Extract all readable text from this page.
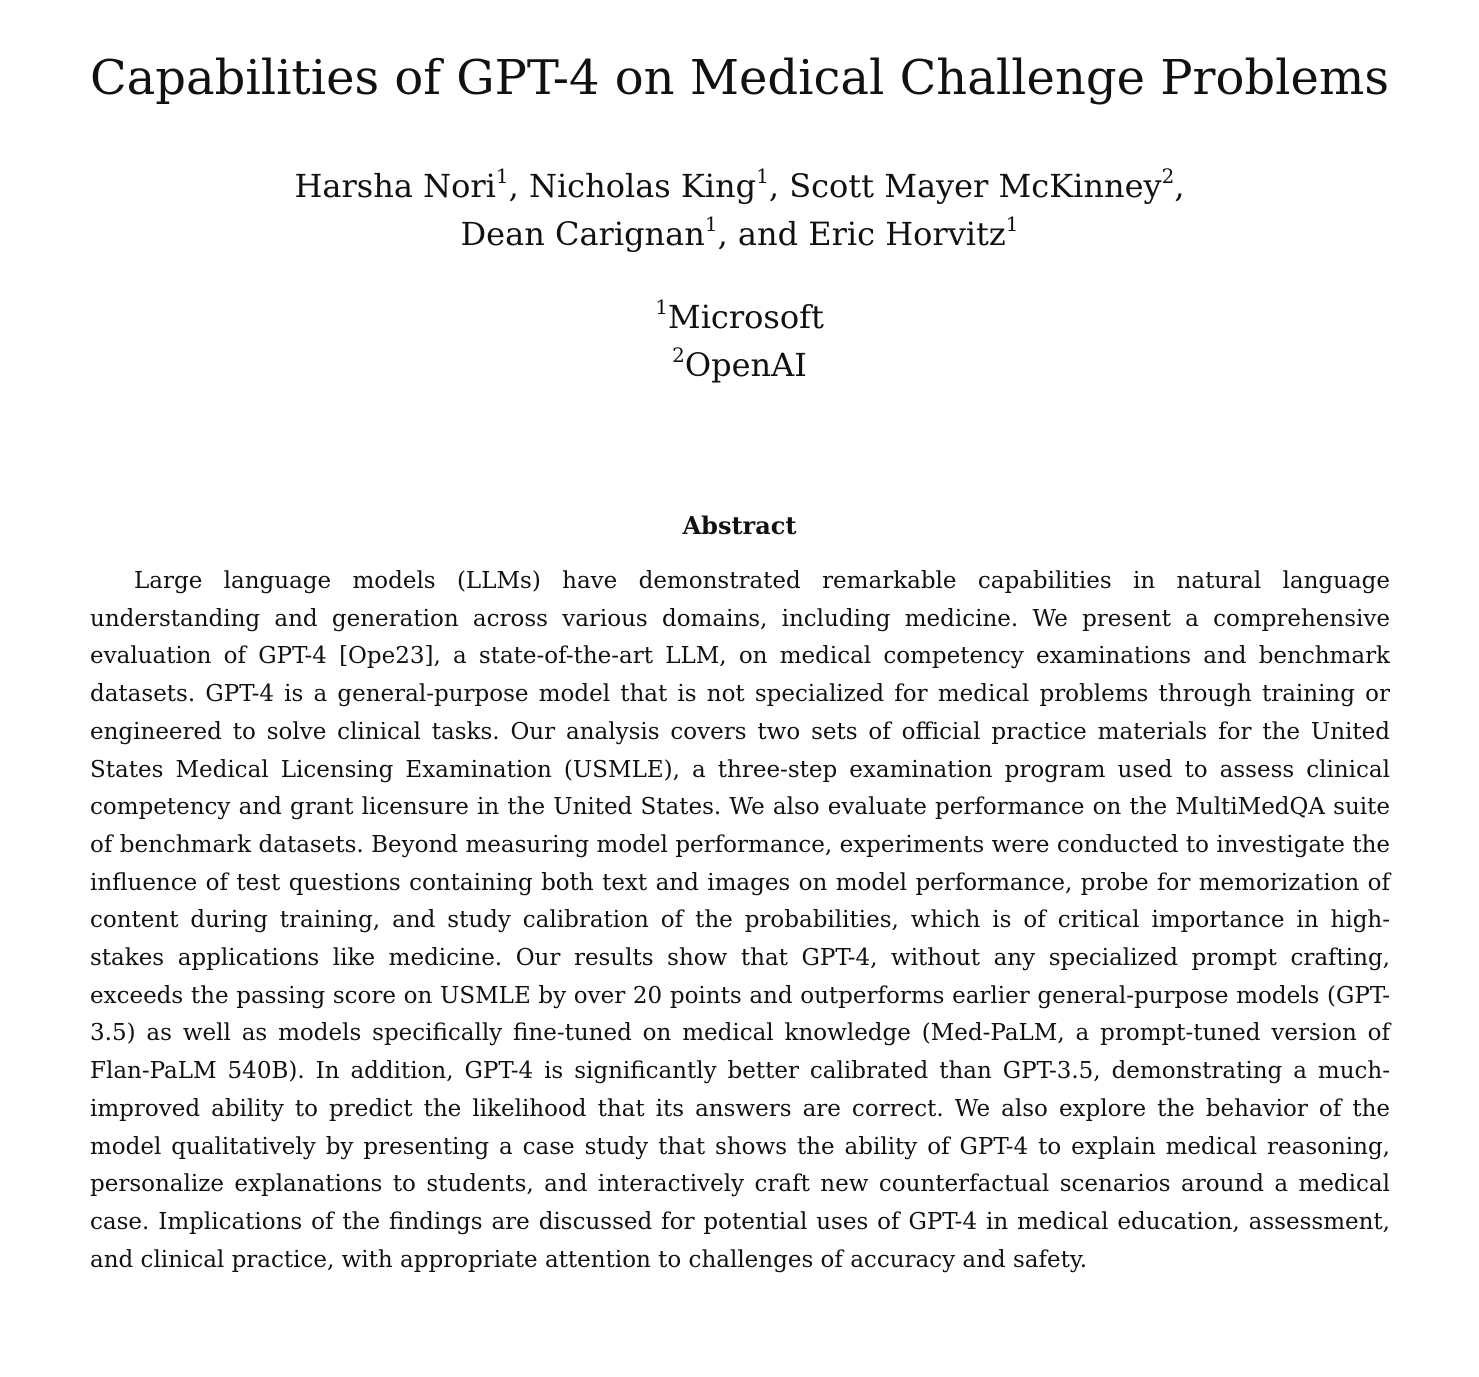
Capabilities of GPT-4 on Medical Challenge Problems
Harsha Nori$^1$, Nicholas King$^1$, Scott Mayer McKinney$^2$,
Dean Carignan$^1$, and Eric Horvitz$^1$
$^1$Microsoft
$^2$OpenAI
Abstract

Large language models (LLMs) have demonstrated remarkable capabilities in natural language understanding and generation across various domains, including medicine. We present a comprehensive evaluation of GPT-4 [Ope23], a state-of-the-art LLM, on medical competency examinations and benchmark datasets. GPT-4 is a general-purpose model that is not specialized for medical problems through training or engineered to solve clinical tasks. Our analysis covers two sets of official practice materials for the United States Medical Licensing Examination (USMLE), a three-step examination program used to assess clinical competency and grant licensure in the United States. We also evaluate performance on the MultiMedQA suite of benchmark datasets. Beyond measuring model performance, experiments were conducted to investigate the influence of test questions containing both text and images on model performance, probe for memorization of content during training, and study calibration of the probabilities, which is of critical importance in high-stakes applications like medicine. Our results show that GPT-4, without any specialized prompt crafting, exceeds the passing score on USMLE by over 20 points and outperforms earlier general-purpose models (GPT-3.5) as well as models specifically fine-tuned on medical knowledge (Med-PaLM, a prompt-tuned version of Flan-PaLM 540B). In addition, GPT-4 is significantly better calibrated than GPT-3.5, demonstrating a much-improved ability to predict the likelihood that its answers are correct. We also explore the behavior of the model qualitatively by presenting a case study that shows the ability of GPT-4 to explain medical reasoning, personalize explanations to students, and interactively craft new counterfactual scenarios around a medical case. Implications of the findings are discussed for potential uses of GPT-4 in medical education, assessment, and clinical practice, with appropriate attention to challenges of accuracy and safety.
